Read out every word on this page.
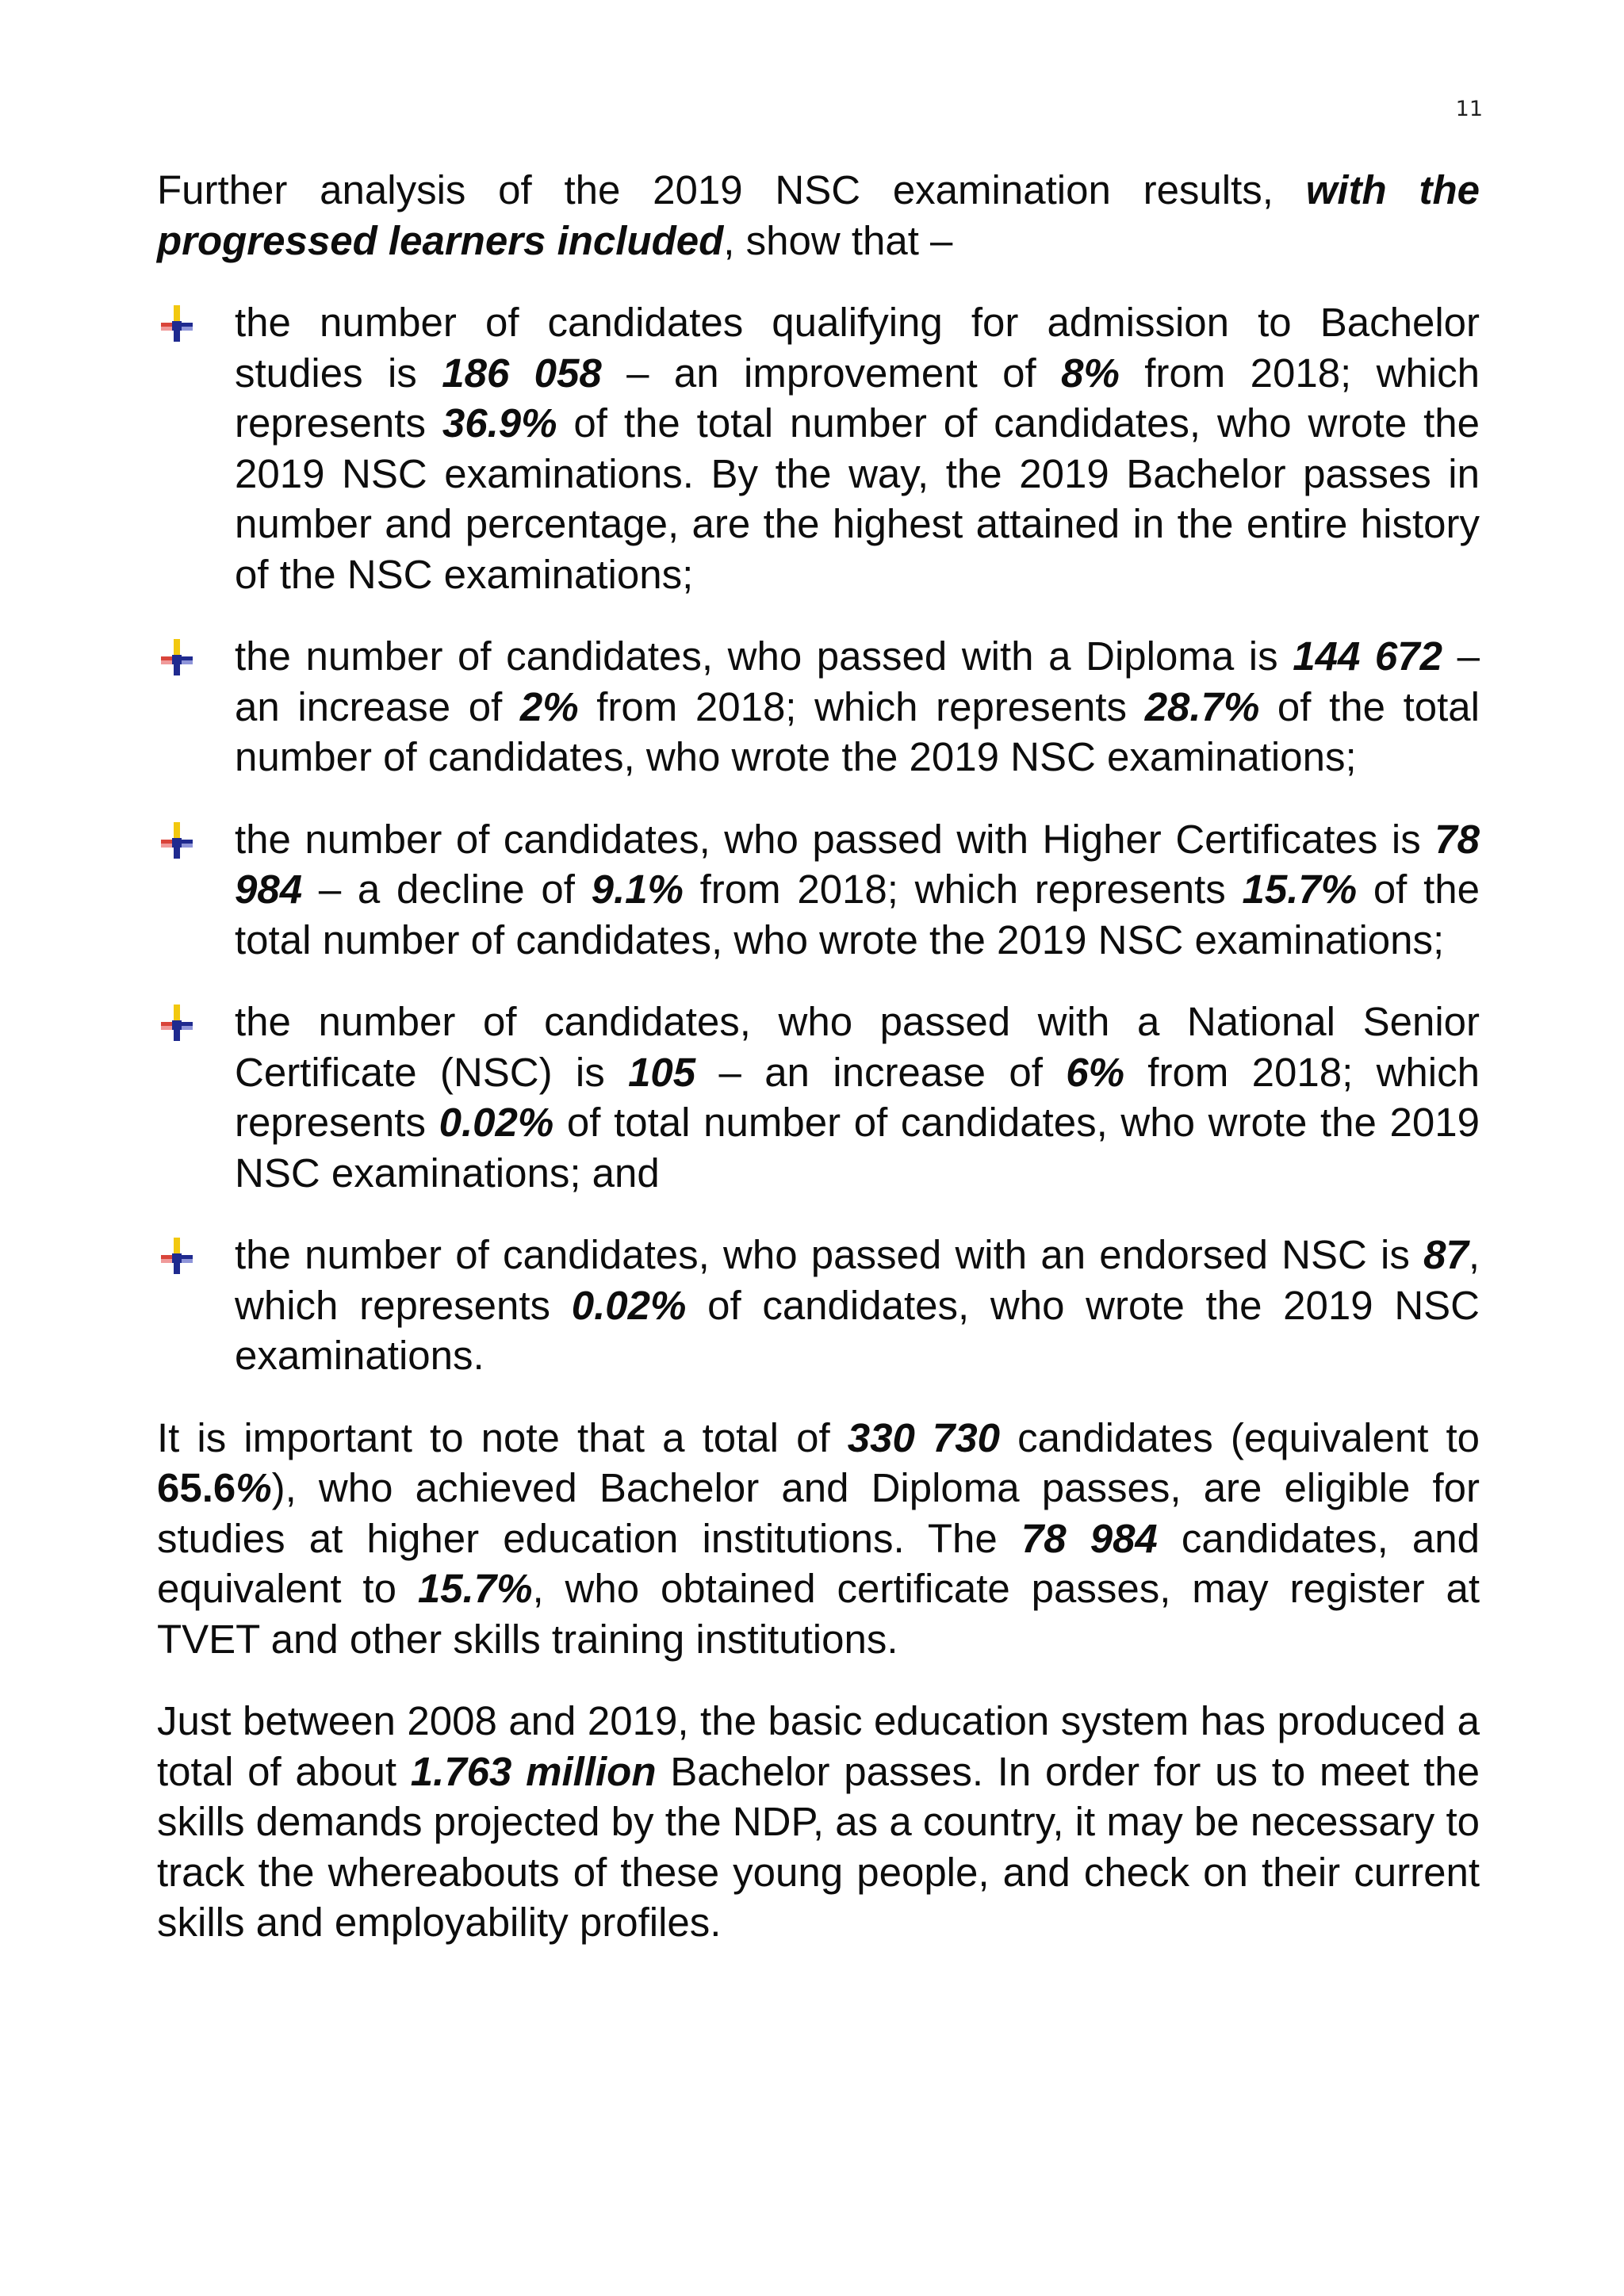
11

Further analysis of the 2019 NSC examination results, with the progressed learners included, show that –

the number of candidates qualifying for admission to Bachelor studies is 186 058 – an improvement of 8% from 2018; which represents 36.9% of the total number of candidates, who wrote the 2019 NSC examinations. By the way, the 2019 Bachelor passes in number and percentage, are the highest attained in the entire history of the NSC examinations;
the number of candidates, who passed with a Diploma is 144 672 – an increase of 2% from 2018; which represents 28.7% of the total number of candidates, who wrote the 2019 NSC examinations;
the number of candidates, who passed with Higher Certificates is 78 984 – a decline of 9.1% from 2018; which represents 15.7% of the total number of candidates, who wrote the 2019 NSC examinations;
the number of candidates, who passed with a National Senior Certificate (NSC) is 105 – an increase of 6% from 2018; which represents 0.02% of total number of candidates, who wrote the 2019 NSC examinations; and
the number of candidates, who passed with an endorsed NSC is 87, which represents 0.02% of candidates, who wrote the 2019 NSC examinations.

It is important to note that a total of 330 730 candidates (equivalent to 65.6%), who achieved Bachelor and Diploma passes, are eligible for studies at higher education institutions. The 78 984 candidates, and equivalent to 15.7%, who obtained certificate passes, may register at TVET and other skills training institutions.

Just between 2008 and 2019, the basic education system has produced a total of about 1.763 million Bachelor passes. In order for us to meet the skills demands projected by the NDP, as a country, it may be necessary to track the whereabouts of these young people, and check on their current skills and employability profiles.
